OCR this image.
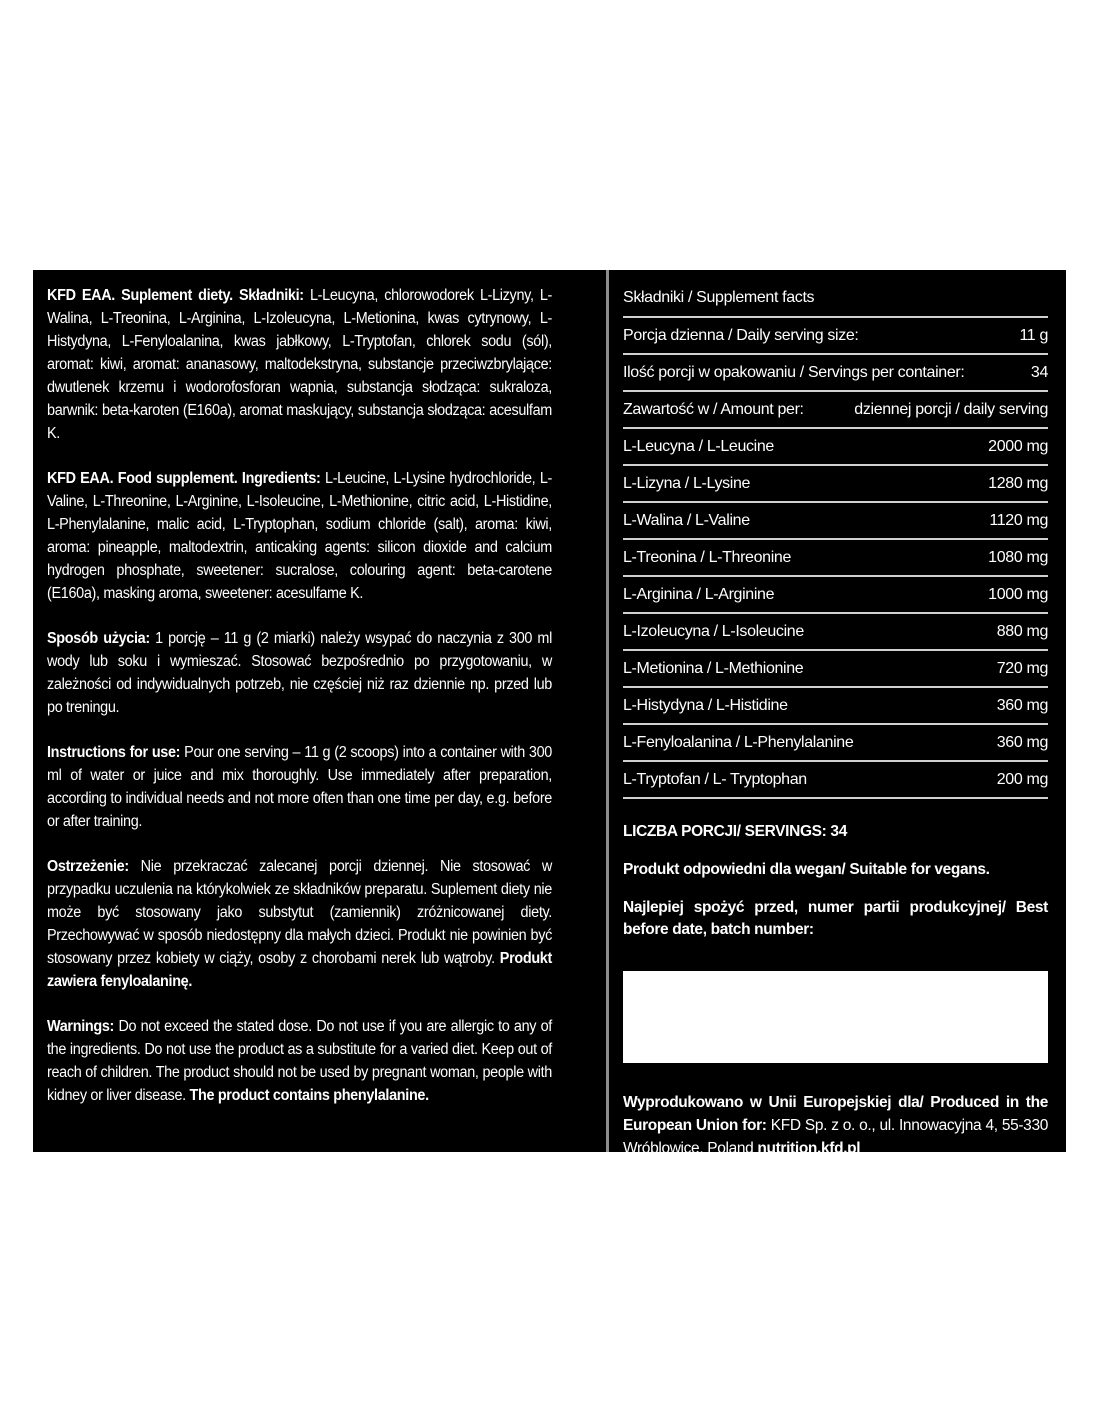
KFD EAA. Suplement diety. Składniki: L-Leucyna, chlorowodorek L-Lizyny, L-Walina, L-Treonina, L-Arginina, L-Izoleucyna, L-Metionina, kwas cytrynowy, L-Histydyna, L-Fenyloalanina, kwas jabłkowy, L-Tryptofan, chlorek sodu (sól), aromat: kiwi, aromat: ananasowy, maltodekstryna, substancje przeciwzbrylające: dwutlenek krzemu i wodorofosforan wapnia, substancja słodząca: sukraloza, barwnik: beta-karoten (E160a), aromat maskujący, substancja słodząca: acesulfam K.

KFD EAA. Food supplement. Ingredients: L-Leucine, L-Lysine hydrochloride, L-Valine, L-Threonine, L-Arginine, L-Isoleucine, L-Methionine, citric acid, L-Histidine, L-Phenylalanine, malic acid, L-Tryptophan, sodium chloride (salt), aroma: kiwi, aroma: pineapple, maltodextrin, anticaking agents: silicon dioxide and calcium hydrogen phosphate, sweetener: sucralose, colouring agent: beta-carotene (E160a), masking aroma, sweetener: acesulfame K.

Sposób użycia: 1 porcję – 11 g (2 miarki) należy wsypać do naczynia z 300 ml wody lub soku i wymieszać. Stosować bezpośrednio po przygotowaniu, w zależności od indywidualnych potrzeb, nie częściej niż raz dziennie np. przed lub po treningu.

Instructions for use: Pour one serving – 11 g (2 scoops) into a container with 300 ml of water or juice and mix thoroughly. Use immediately after preparation, according to individual needs and not more often than one time per day, e.g. before or after training.

Ostrzeżenie: Nie przekraczać zalecanej porcji dziennej. Nie stosować w przypadku uczulenia na którykolwiek ze składników preparatu. Suplement diety nie może być stosowany jako substytut (zamiennik) zróżnicowanej diety. Przechowywać w sposób niedostępny dla małych dzieci. Produkt nie powinien być stosowany przez kobiety w ciąży, osoby z chorobami nerek lub wątroby. Produkt zawiera fenyloalaninę.

Warnings: Do not exceed the stated dose. Do not use if you are allergic to any of the ingredients. Do not use the product as a substitute for a varied diet. Keep out of reach of children. The product should not be used by pregnant woman, people with kidney or liver disease. The product contains phenylalanine.

Składniki / Supplement facts
Porcja dzienna / Daily serving size:	11 g
Ilość porcji w opakowaniu / Servings per container:	34
Zawartość w / Amount per:	dziennej porcji / daily serving
L-Leucyna / L-Leucine	2000 mg
L-Lizyna / L-Lysine	1280 mg
L-Walina / L-Valine	1120 mg
L-Treonina / L-Threonine	1080 mg
L-Arginina / L-Arginine	1000 mg
L-Izoleucyna / L-Isoleucine	880 mg
L-Metionina / L-Methionine	720 mg
L-Histydyna / L-Histidine	360 mg
L-Fenyloalanina / L-Phenylalanine	360 mg
L-Tryptofan / L- Tryptophan	200 mg

LICZBA PORCJI/ SERVINGS: 34

Produkt odpowiedni dla wegan/ Suitable for vegans.

Najlepiej spożyć przed, numer partii produkcyjnej/ Best before date, batch number:

Wyprodukowano w Unii Europejskiej dla/ Produced in the European Union for: KFD Sp. z o. o., ul. Innowacyjna 4, 55-330 Wróblowice, Poland nutrition.kfd.pl
